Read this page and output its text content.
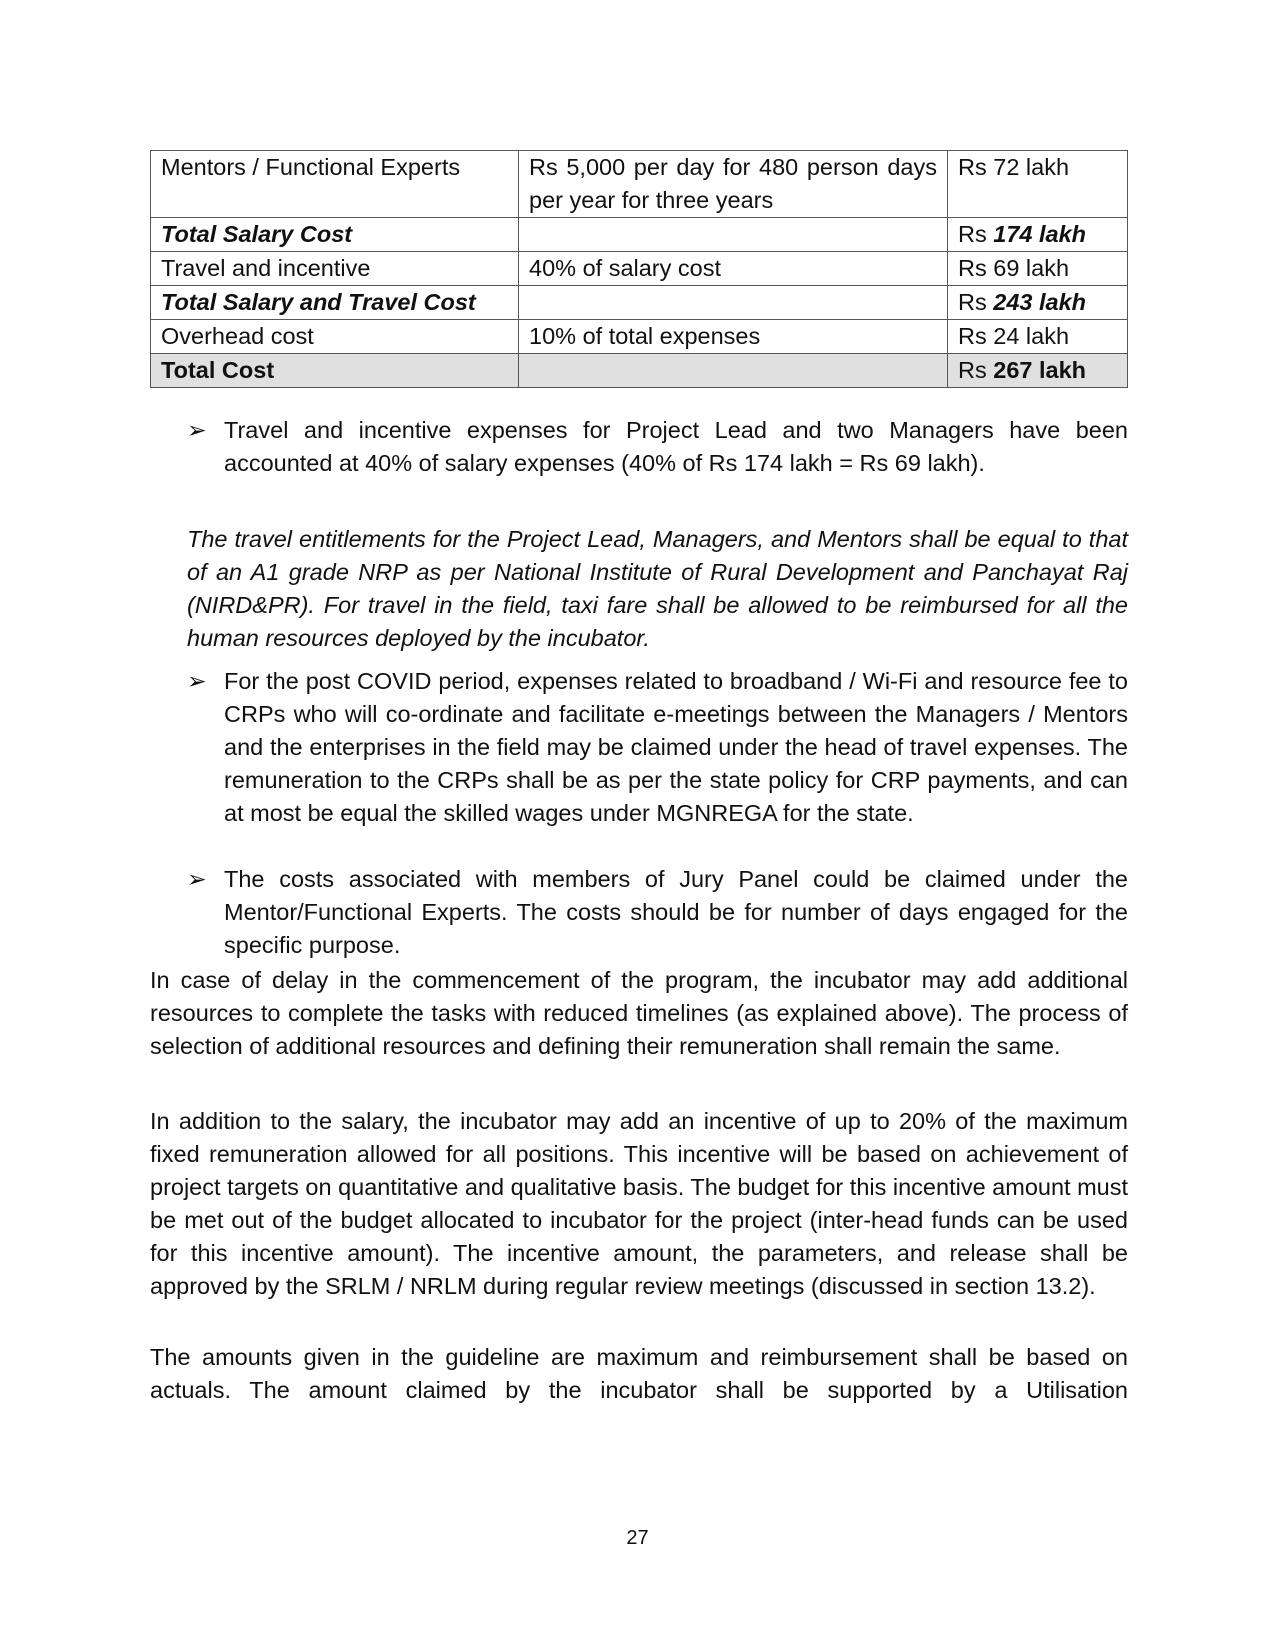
Mentors / Functional Experts	Rs 5,000 per day for 480 person days per year for three years	Rs 72 lakh
Total Salary Cost		Rs 174 lakh
Travel and incentive	40% of salary cost	Rs 69 lakh
Total Salary and Travel Cost		Rs 243 lakh
Overhead cost	10% of total expenses	Rs 24 lakh
Total Cost		Rs 267 lakh
➢ Travel and incentive expenses for Project Lead and two Managers have been accounted at 40% of salary expenses (40% of Rs 174 lakh = Rs 69 lakh).
The travel entitlements for the Project Lead, Managers, and Mentors shall be equal to that of an A1 grade NRP as per National Institute of Rural Development and Panchayat Raj (NIRD&PR). For travel in the field, taxi fare shall be allowed to be reimbursed for all the human resources deployed by the incubator.
➢ For the post COVID period, expenses related to broadband / Wi-Fi and resource fee to CRPs who will co-ordinate and facilitate e-meetings between the Managers / Mentors and the enterprises in the field may be claimed under the head of travel expenses. The remuneration to the CRPs shall be as per the state policy for CRP payments, and can at most be equal the skilled wages under MGNREGA for the state.
➢ The costs associated with members of Jury Panel could be claimed under the Mentor/Functional Experts. The costs should be for number of days engaged for the specific purpose.
In case of delay in the commencement of the program, the incubator may add additional resources to complete the tasks with reduced timelines (as explained above). The process of selection of additional resources and defining their remuneration shall remain the same.
In addition to the salary, the incubator may add an incentive of up to 20% of the maximum fixed remuneration allowed for all positions. This incentive will be based on achievement of project targets on quantitative and qualitative basis. The budget for this incentive amount must be met out of the budget allocated to incubator for the project (inter-head funds can be used for this incentive amount). The incentive amount, the parameters, and release shall be approved by the SRLM / NRLM during regular review meetings (discussed in section 13.2).
The amounts given in the guideline are maximum and reimbursement shall be based on actuals. The amount claimed by the incubator shall be supported by a Utilisation
27
